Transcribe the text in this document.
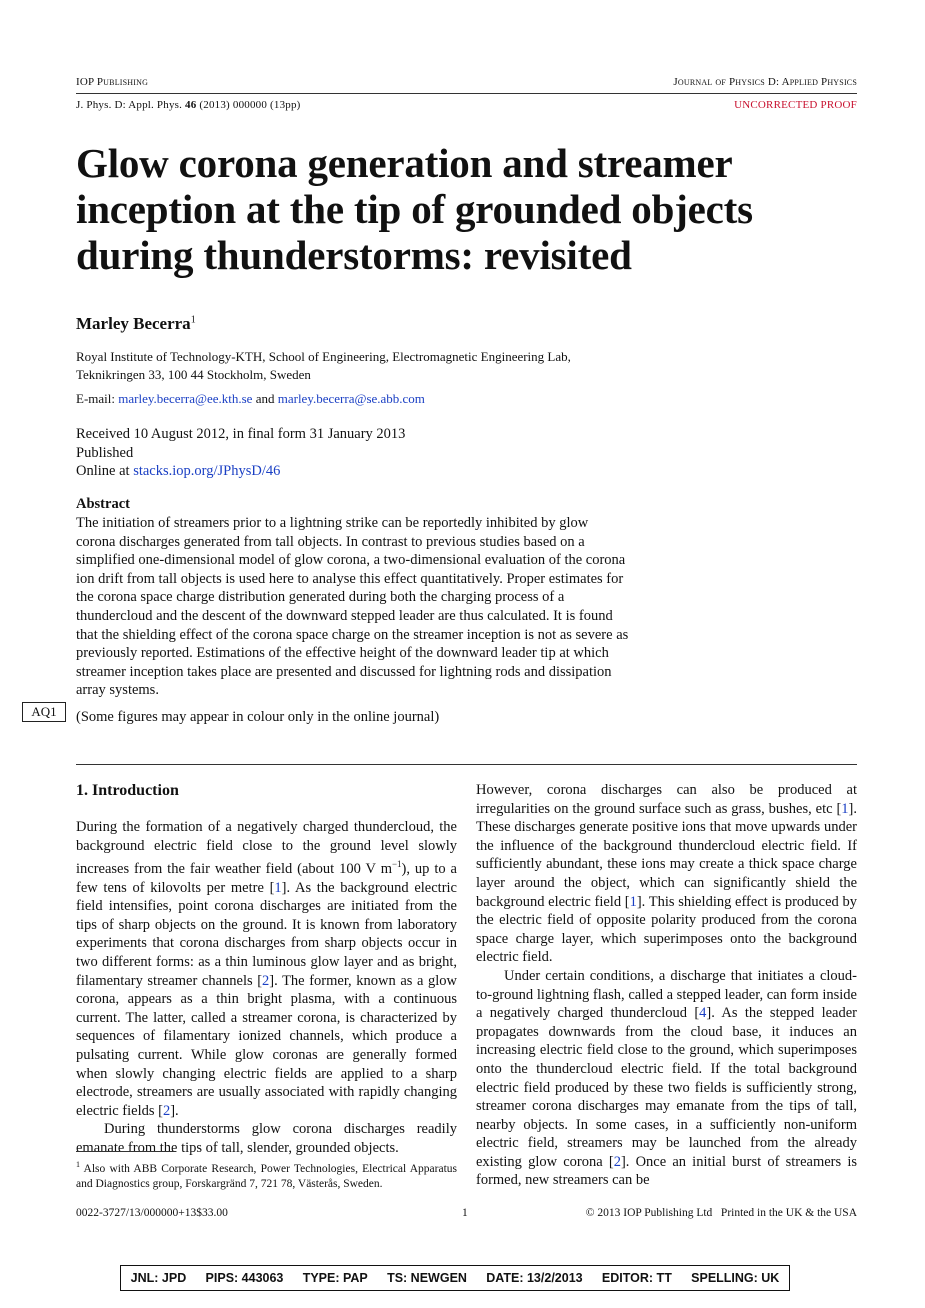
IOP Publishing	Journal of Physics D: Applied Physics
J. Phys. D: Appl. Phys. 46 (2013) 000000 (13pp)	UNCORRECTED PROOF
Glow corona generation and streamer inception at the tip of grounded objects during thunderstorms: revisited
Marley Becerra$^1$
Royal Institute of Technology-KTH, School of Engineering, Electromagnetic Engineering Lab,
Teknikringen 33, 100 44 Stockholm, Sweden
E-mail: marley.becerra@ee.kth.se and marley.becerra@se.abb.com
Received 10 August 2012, in final form 31 January 2013
Published
Online at stacks.iop.org/JPhysD/46
Abstract
The initiation of streamers prior to a lightning strike can be reportedly inhibited by glow
corona discharges generated from tall objects. In contrast to previous studies based on a
simplified one-dimensional model of glow corona, a two-dimensional evaluation of the corona
ion drift from tall objects is used here to analyse this effect quantitatively. Proper estimates for
the corona space charge distribution generated during both the charging process of a
thundercloud and the descent of the downward stepped leader are thus calculated. It is found
that the shielding effect of the corona space charge on the streamer inception is not as severe as
previously reported. Estimations of the effective height of the downward leader tip at which
streamer inception takes place are presented and discussed for lightning rods and dissipation
array systems.
AQ1	(Some figures may appear in colour only in the online journal)
1. Introduction

During the formation of a negatively charged thundercloud, the background electric field close to the ground level slowly increases from the fair weather field (about 100 V $m^{-1}$), up to a few tens of kilovolts per metre [1]. As the background electric field intensifies, point corona discharges are initiated from the tips of sharp objects on the ground. It is known from laboratory experiments that corona discharges from sharp objects occur in two different forms: as a thin luminous glow layer and as bright, filamentary streamer channels [2]. The former, known as a glow corona, appears as a thin bright plasma, with a continuous current. The latter, called a streamer corona, is characterized by sequences of filamentary ionized channels, which produce a pulsating current. While glow coronas are generally formed when slowly changing electric fields are applied to a sharp electrode, streamers are usually associated with rapidly changing electric fields [2].

During thunderstorms glow corona discharges readily emanate from the tips of tall, slender, grounded objects.

$^1$ Also with ABB Corporate Research, Power Technologies, Electrical Apparatus and Diagnostics group, Forskargränd 7, 721 78, Västerås, Sweden.

However, corona discharges can also be produced at irregularities on the ground surface such as grass, bushes, etc [1]. These discharges generate positive ions that move upwards under the influence of the background thundercloud electric field. If sufficiently abundant, these ions may create a thick space charge layer around the object, which can significantly shield the background electric field [1]. This shielding effect is produced by the electric field of opposite polarity produced from the corona space charge layer, which superimposes onto the background electric field.

Under certain conditions, a discharge that initiates a cloud-to-ground lightning flash, called a stepped leader, can form inside a negatively charged thundercloud [4]. As the stepped leader propagates downwards from the cloud base, it induces an increasing electric field close to the ground, which superimposes onto the thundercloud electric field. If the total background electric field produced by these two fields is sufficiently strong, streamer corona discharges may emanate from the tips of tall, nearby objects. In some cases, in a sufficiently non-uniform electric field, streamers may be launched from the already existing glow corona [2]. Once an initial burst of streamers is formed, new streamers can be

0022-3727/13/000000+13$33.00	1	© 2013 IOP Publishing Ltd Printed in the UK & the USA
JNL: JPD PIPS: 443063 TYPE: PAP TS: NEWGEN DATE: 13/2/2013 EDITOR: TT SPELLING: UK
